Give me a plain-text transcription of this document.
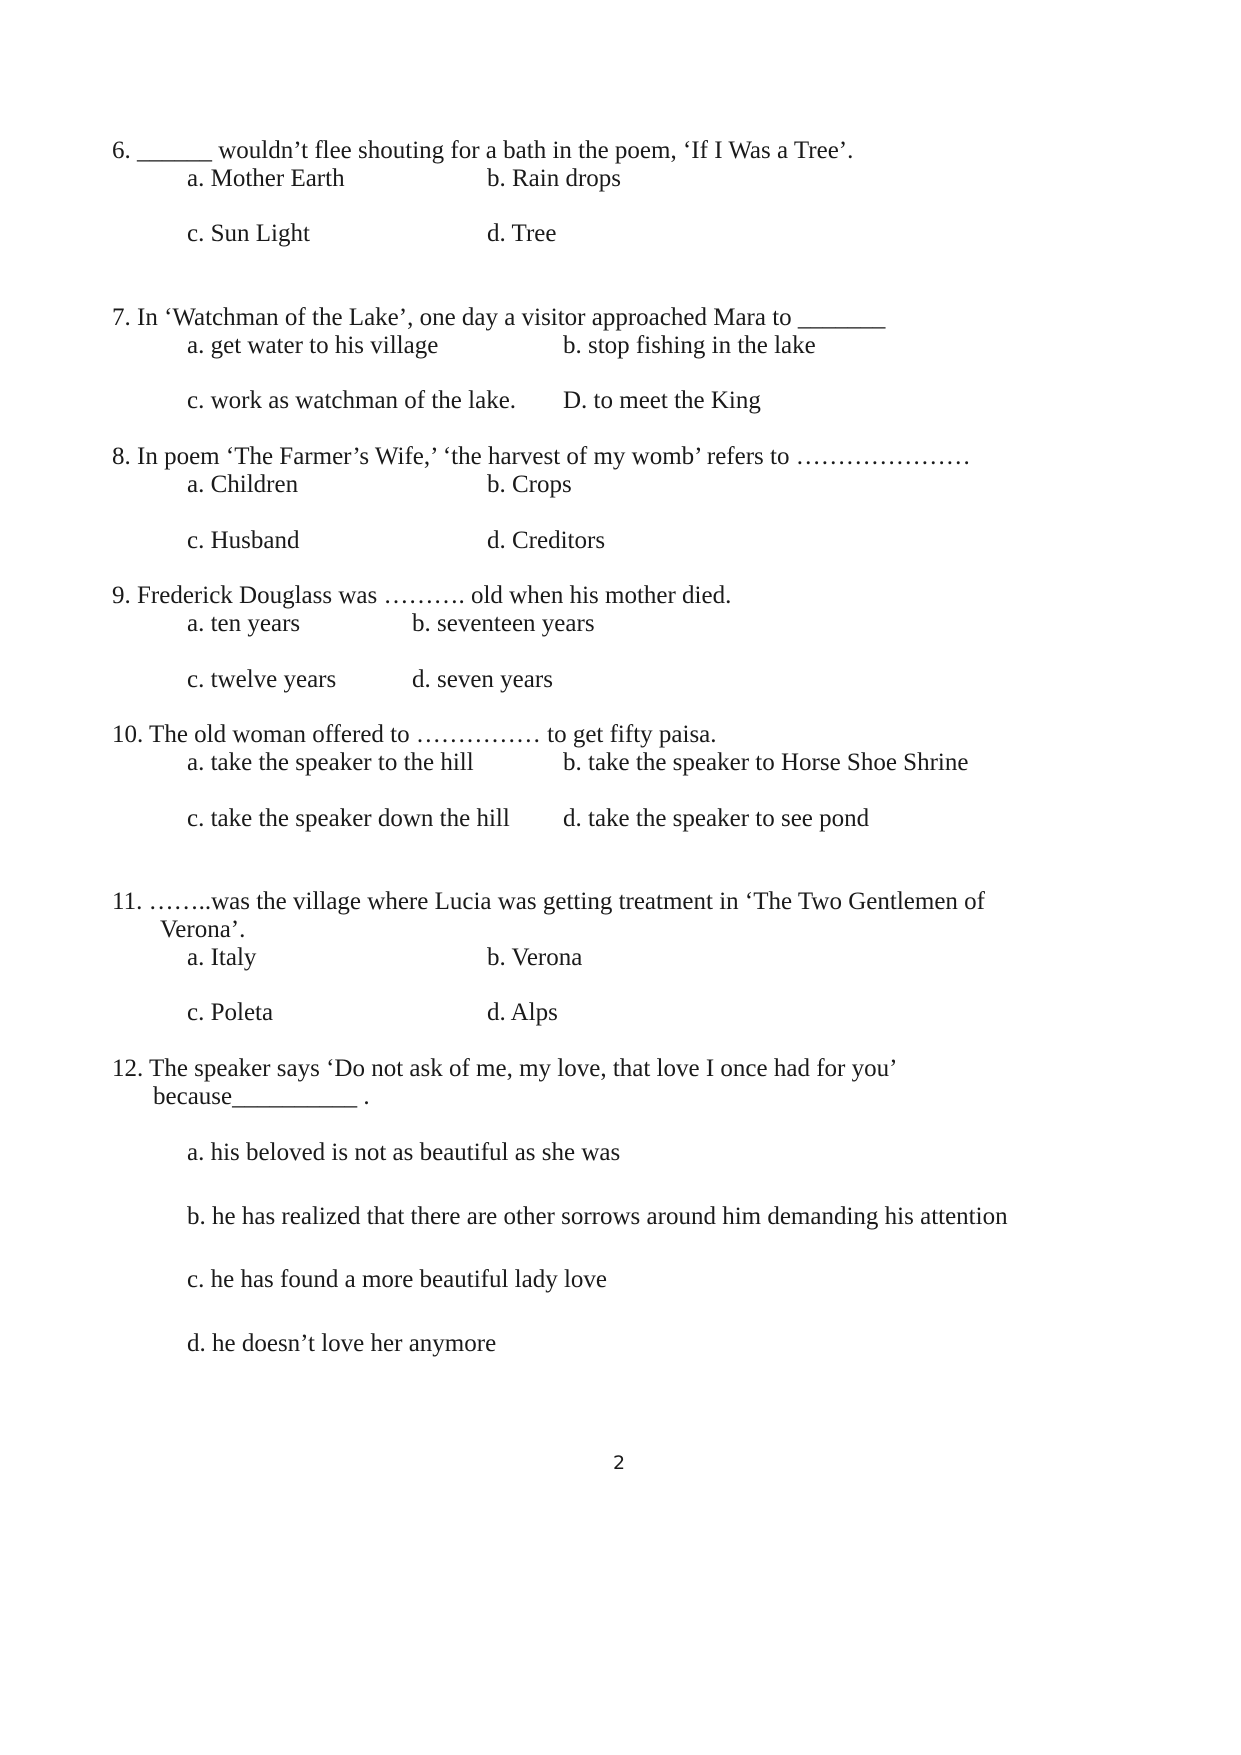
6. ______ wouldn’t flee shouting for a bath in the poem, ‘If I Was a Tree’.
a. Mother Earth	b. Rain drops
c. Sun Light	d. Tree
7. In ‘Watchman of the Lake’, one day a visitor approached Mara to _______
a. get water to his village	b. stop fishing in the lake
c. work as watchman of the lake. D. to meet the King
8. In poem ‘The Farmer’s Wife,’ ‘the harvest of my womb’ refers to …………………
a. Children	b. Crops
c. Husband	d. Creditors
9. Frederick Douglass was ………. old when his mother died.
a. ten years	b. seventeen years
c. twelve years	d. seven years
10. The old woman offered to …………… to get fifty paisa.
a. take the speaker to the hill	b. take the speaker to Horse Shoe Shrine
c. take the speaker down the hill d. take the speaker to see pond
11. ……..was the village where Lucia was getting treatment in ‘The Two Gentlemen of
Verona’.
a. Italy	b. Verona
c. Poleta	d. Alps
12. The speaker says ‘Do not ask of me, my love, that love I once had for you’
because__________ .
a. his beloved is not as beautiful as she was
b. he has realized that there are other sorrows around him demanding his attention
c. he has found a more beautiful lady love
d. he doesn’t love her anymore
2
